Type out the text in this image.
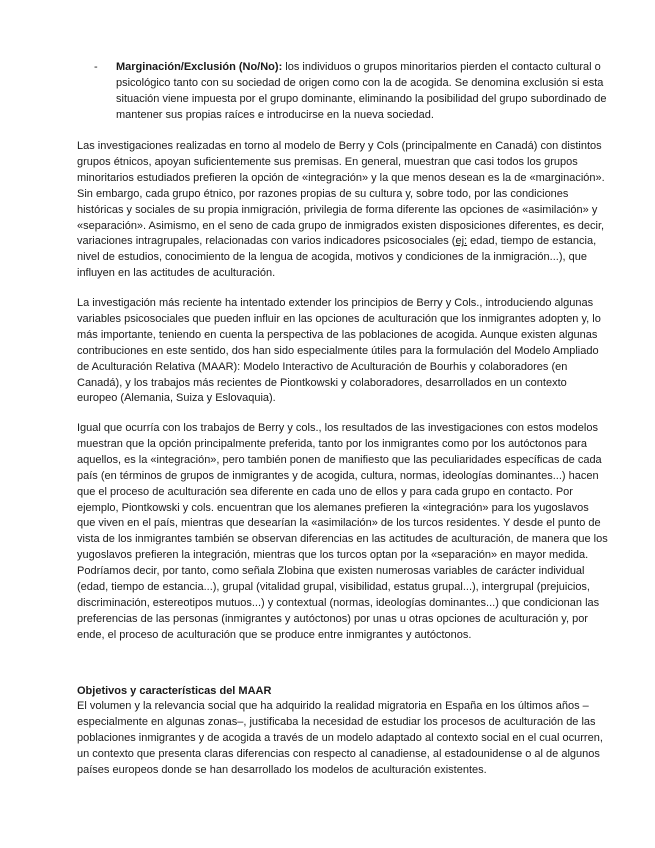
- Marginación/Exclusión (No/No): los individuos o grupos minoritarios pierden el contacto cultural o psicológico tanto con su sociedad de origen como con la de acogida. Se denomina exclusión si esta situación viene impuesta por el grupo dominante, eliminando la posibilidad del grupo subordinado de mantener sus propias raíces e introducirse en la nueva sociedad.

Las investigaciones realizadas en torno al modelo de Berry y Cols (principalmente en Canadá) con distintos grupos étnicos, apoyan suficientemente sus premisas. En general, muestran que casi todos los grupos minoritarios estudiados prefieren la opción de «integración» y la que menos desean es la de «marginación». Sin embargo, cada grupo étnico, por razones propias de su cultura y, sobre todo, por las condiciones históricas y sociales de su propia inmigración, privilegia de forma diferente las opciones de «asimilación» y «separación». Asimismo, en el seno de cada grupo de inmigrados existen disposiciones diferentes, es decir, variaciones intragrupales, relacionadas con varios indicadores psicosociales (ej: edad, tiempo de estancia, nivel de estudios, conocimiento de la lengua de acogida, motivos y condiciones de la inmigración...), que influyen en las actitudes de aculturación.

La investigación más reciente ha intentado extender los principios de Berry y Cols., introduciendo algunas variables psicosociales que pueden influir en las opciones de aculturación que los inmigrantes adopten y, lo más importante, teniendo en cuenta la perspectiva de las poblaciones de acogida. Aunque existen algunas contribuciones en este sentido, dos han sido especialmente útiles para la formulación del Modelo Ampliado de Aculturación Relativa (MAAR): Modelo Interactivo de Aculturación de Bourhis y colaboradores (en Canadá), y los trabajos más recientes de Piontkowski y colaboradores, desarrollados en un contexto europeo (Alemania, Suiza y Eslovaquia).

Igual que ocurría con los trabajos de Berry y cols., los resultados de las investigaciones con estos modelos muestran que la opción principalmente preferida, tanto por los inmigrantes como por los autóctonos para aquellos, es la «integración», pero también ponen de manifiesto que las peculiaridades específicas de cada país (en términos de grupos de inmigrantes y de acogida, cultura, normas, ideologías dominantes...) hacen que el proceso de aculturación sea diferente en cada uno de ellos y para cada grupo en contacto. Por ejemplo, Piontkowski y cols. encuentran que los alemanes prefieren la «integración» para los yugoslavos que viven en el país, mientras que desearían la «asimilación» de los turcos residentes. Y desde el punto de vista de los inmigrantes también se observan diferencias en las actitudes de aculturación, de manera que los yugoslavos prefieren la integración, mientras que los turcos optan por la «separación» en mayor medida. Podríamos decir, por tanto, como señala Zlobina que existen numerosas variables de carácter individual (edad, tiempo de estancia...), grupal (vitalidad grupal, visibilidad, estatus grupal...), intergrupal (prejuicios, discriminación, estereotipos mutuos...) y contextual (normas, ideologías dominantes...) que condicionan las preferencias de las personas (inmigrantes y autóctonos) por unas u otras opciones de aculturación y, por ende, el proceso de aculturación que se produce entre inmigrantes y autóctonos.

Objetivos y características del MAAR

El volumen y la relevancia social que ha adquirido la realidad migratoria en España en los últimos años –especialmente en algunas zonas–, justificaba la necesidad de estudiar los procesos de aculturación de las poblaciones inmigrantes y de acogida a través de un modelo adaptado al contexto social en el cual ocurren, un contexto que presenta claras diferencias con respecto al canadiense, al estadounidense o al de algunos países europeos donde se han desarrollado los modelos de aculturación existentes.
